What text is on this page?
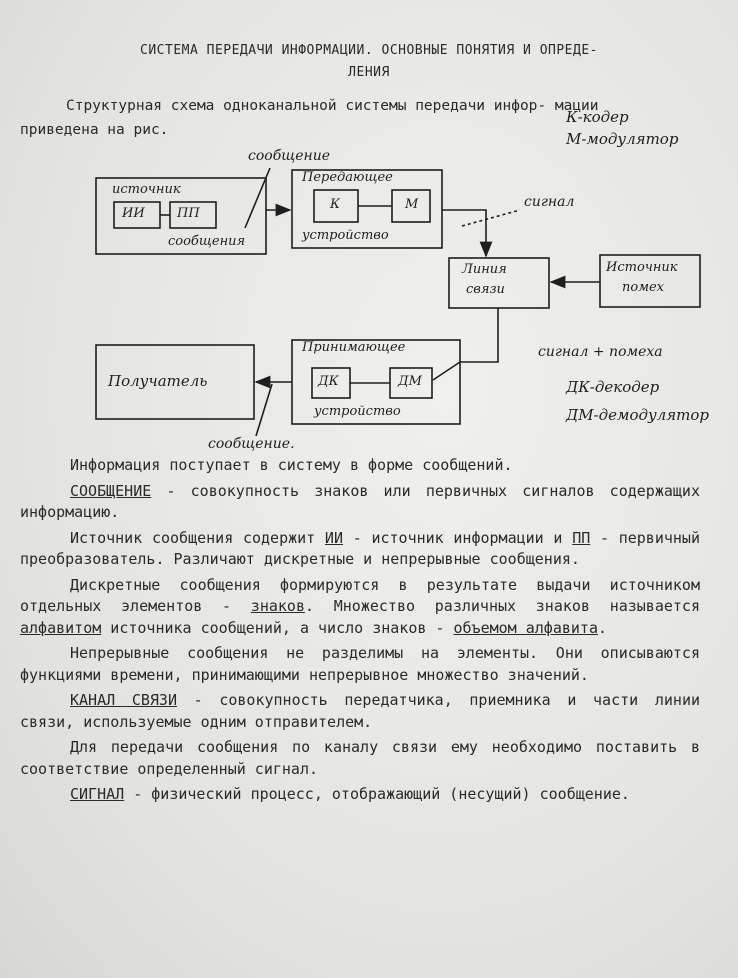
СИСТЕМА ПЕРЕДАЧИ ИНФОРМАЦИИ. ОСНОВНЫЕ ПОНЯТИЯ И ОПРЕДЕ-
ЛЕНИЯ
Структурная схема одноканальной системы передачи инфор- мации приведена на рис.
источник
ИИ ПП
сообщения
Передающее
К	М
устройство
Линия
связи
Источник
помех
Принимающее
ДК	ДМ
устройство
Получатель
сообщение
сигнал
сигнал + помеха
сообщение.
К-кодер
М-модулятор
ДК-декодер
ДМ-демодулятор

Информация поступает в систему в форме сообщений.

СООБЩЕНИЕ - совокупность знаков или первичных сигналов содержащих информацию.

Источник сообщения содержит ИИ - источник информации и ПП - первичный преобразователь. Различают дискретные и непрерывные сообщения.

Дискретные сообщения формируются в результате выдачи источником отдельных элементов - знаков. Множество различных знаков называется алфавитом источника сообщений, а число знаков - объемом алфавита.

Непрерывные сообщения не разделимы на элементы. Они описываются функциями времени, принимающими непрерывное множество значений.

КАНАЛ СВЯЗИ - совокупность передатчика, приемника и части линии связи, используемые одним отправителем.

Для передачи сообщения по каналу связи ему необходимо поставить в соответствие определенный сигнал.

СИГНАЛ - физический процесс, отображающий (несущий) сообщение.
